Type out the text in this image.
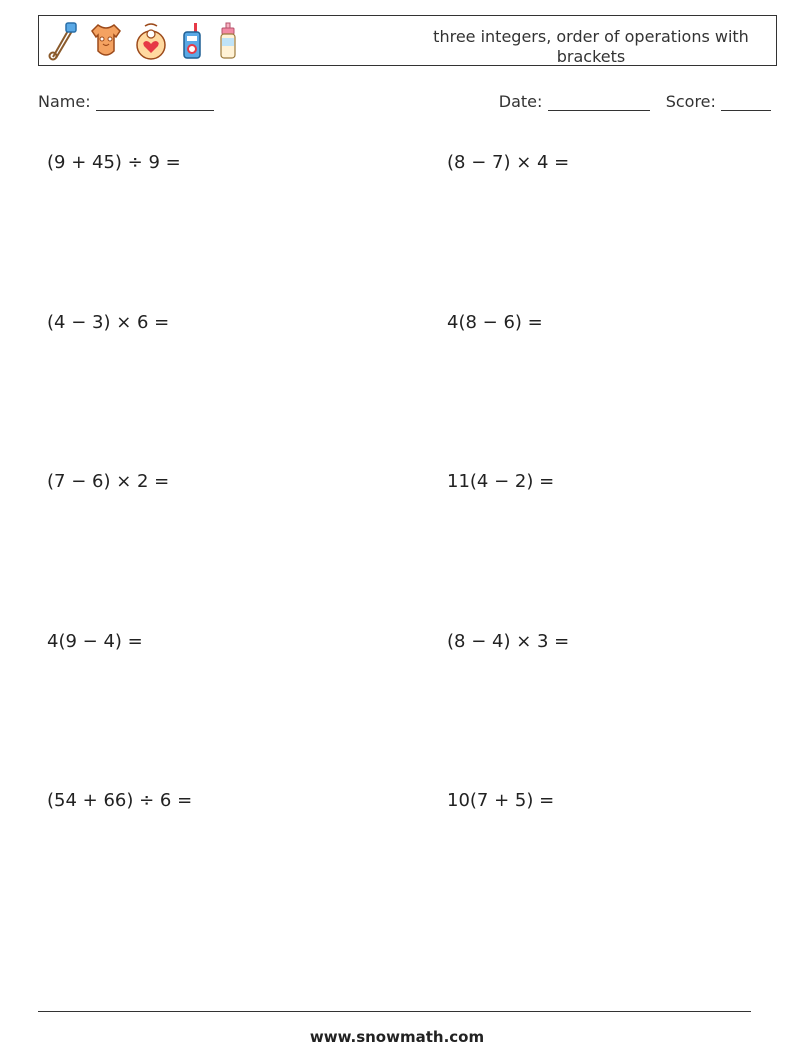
three integers, order of operations with brackets
Name:	Date:	Score:
(9 + 45) ÷ 9 =	(8 − 7) × 4 =
(4 − 3) × 6 =	4(8 − 6) =
(7 − 6) × 2 =	11(4 − 2) =
4(9 − 4) =	(8 − 4) × 3 =
(54 + 66) ÷ 6 =	10(7 + 5) =
www.snowmath.com
